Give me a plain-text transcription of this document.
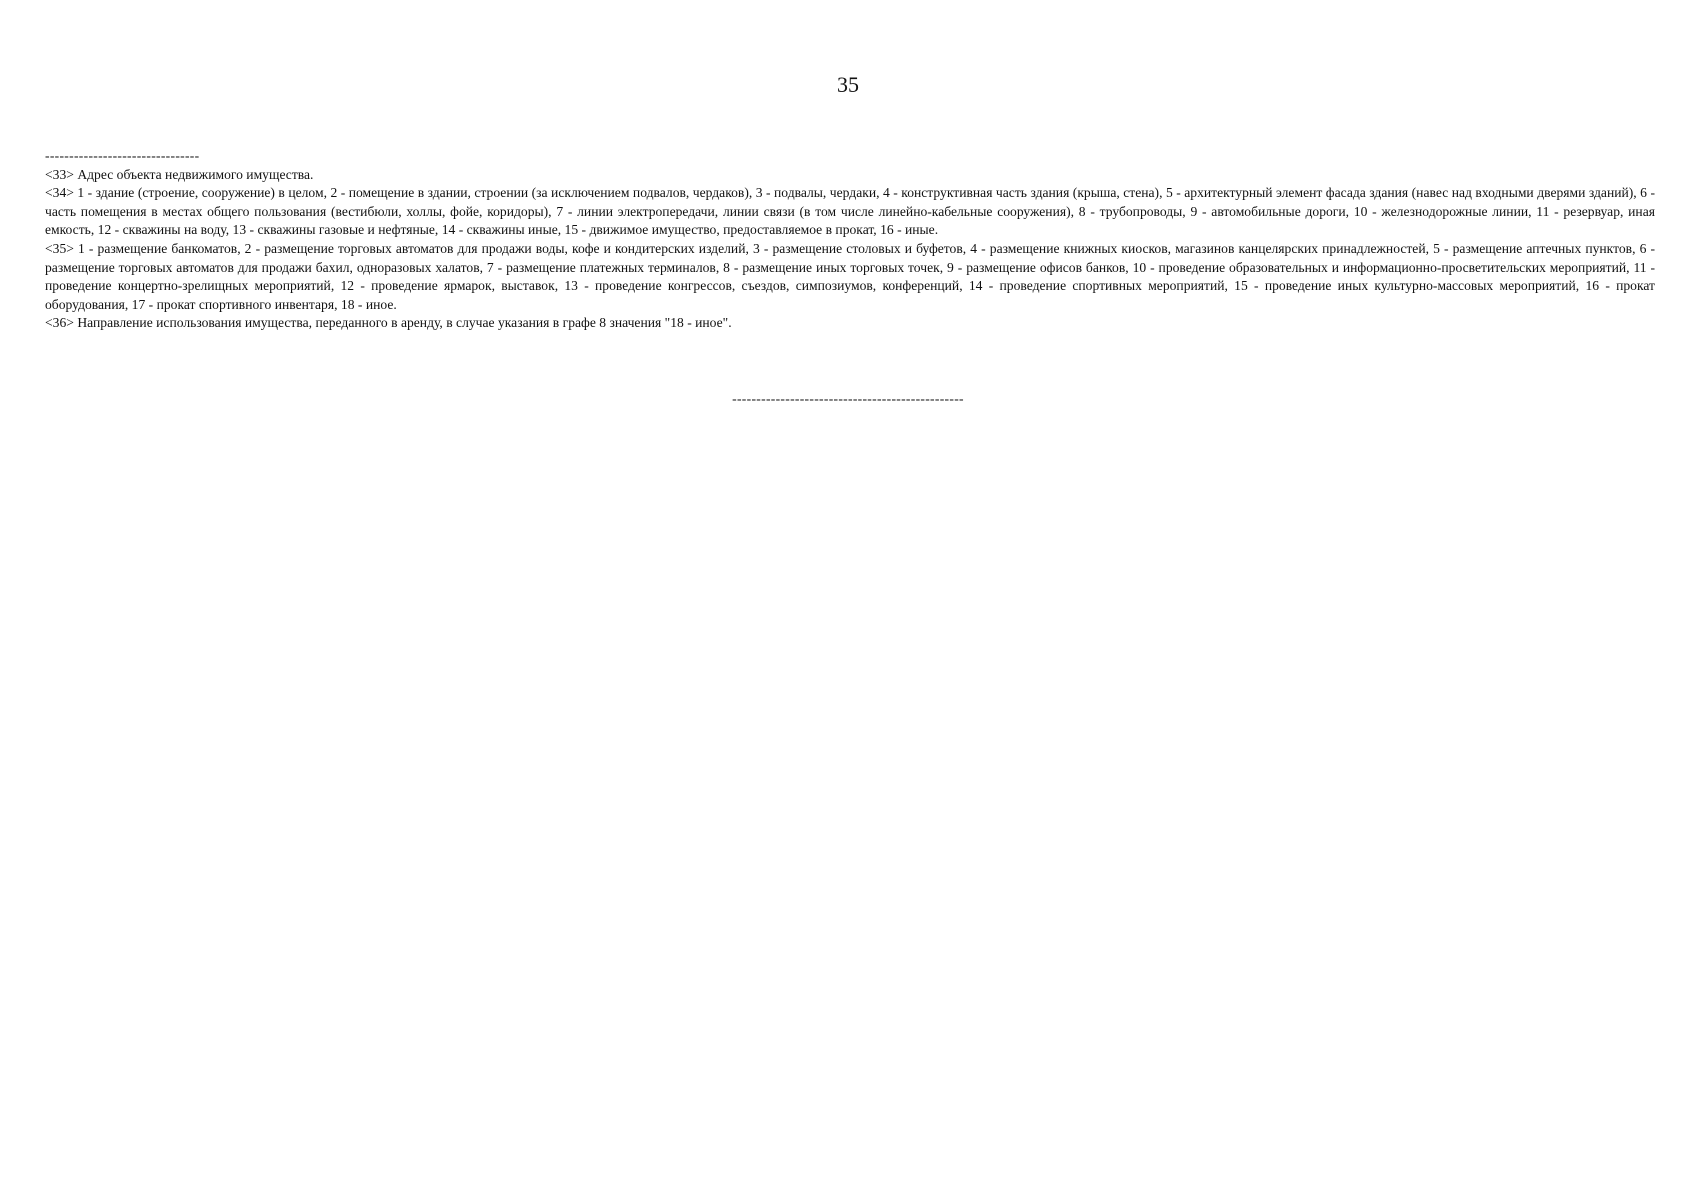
35
--------------------------------

<33> Адрес объекта недвижимого имущества.

<34> 1 - здание (строение, сооружение) в целом, 2 - помещение в здании, строении (за исключением подвалов, чердаков), 3 - подвалы, чердаки, 4 - конструктивная часть здания (крыша, стена), 5 - архитектурный элемент фасада здания (навес над входными дверями зданий), 6 - часть помещения в местах общего пользования (вестибюли, холлы, фойе, коридоры), 7 - линии электропередачи, линии связи (в том числе линейно-кабельные сооружения), 8 - трубопроводы, 9 - автомобильные дороги, 10 - железнодорожные линии, 11 - резервуар, иная емкость, 12 - скважины на воду, 13 - скважины газовые и нефтяные, 14 - скважины иные, 15 - движимое имущество, предоставляемое в прокат, 16 - иные.

<35> 1 - размещение банкоматов, 2 - размещение торговых автоматов для продажи воды, кофе и кондитерских изделий, 3 - размещение столовых и буфетов, 4 - размещение книжных киосков, магазинов канцелярских принадлежностей, 5 - размещение аптечных пунктов, 6 - размещение торговых автоматов для продажи бахил, одноразовых халатов, 7 - размещение платежных терминалов, 8 - размещение иных торговых точек, 9 - размещение офисов банков, 10 - проведение образовательных и информационно-просветительских мероприятий, 11 - проведение концертно-зрелищных мероприятий, 12 - проведение ярмарок, выставок, 13 - проведение конгрессов, съездов, симпозиумов, конференций, 14 - проведение спортивных мероприятий, 15 - проведение иных культурно-массовых мероприятий, 16 - прокат оборудования, 17 - прокат спортивного инвентаря, 18 - иное.

<36> Направление использования имущества, переданного в аренду, в случае указания в графе 8 значения "18 - иное".

------------------------------------------------
